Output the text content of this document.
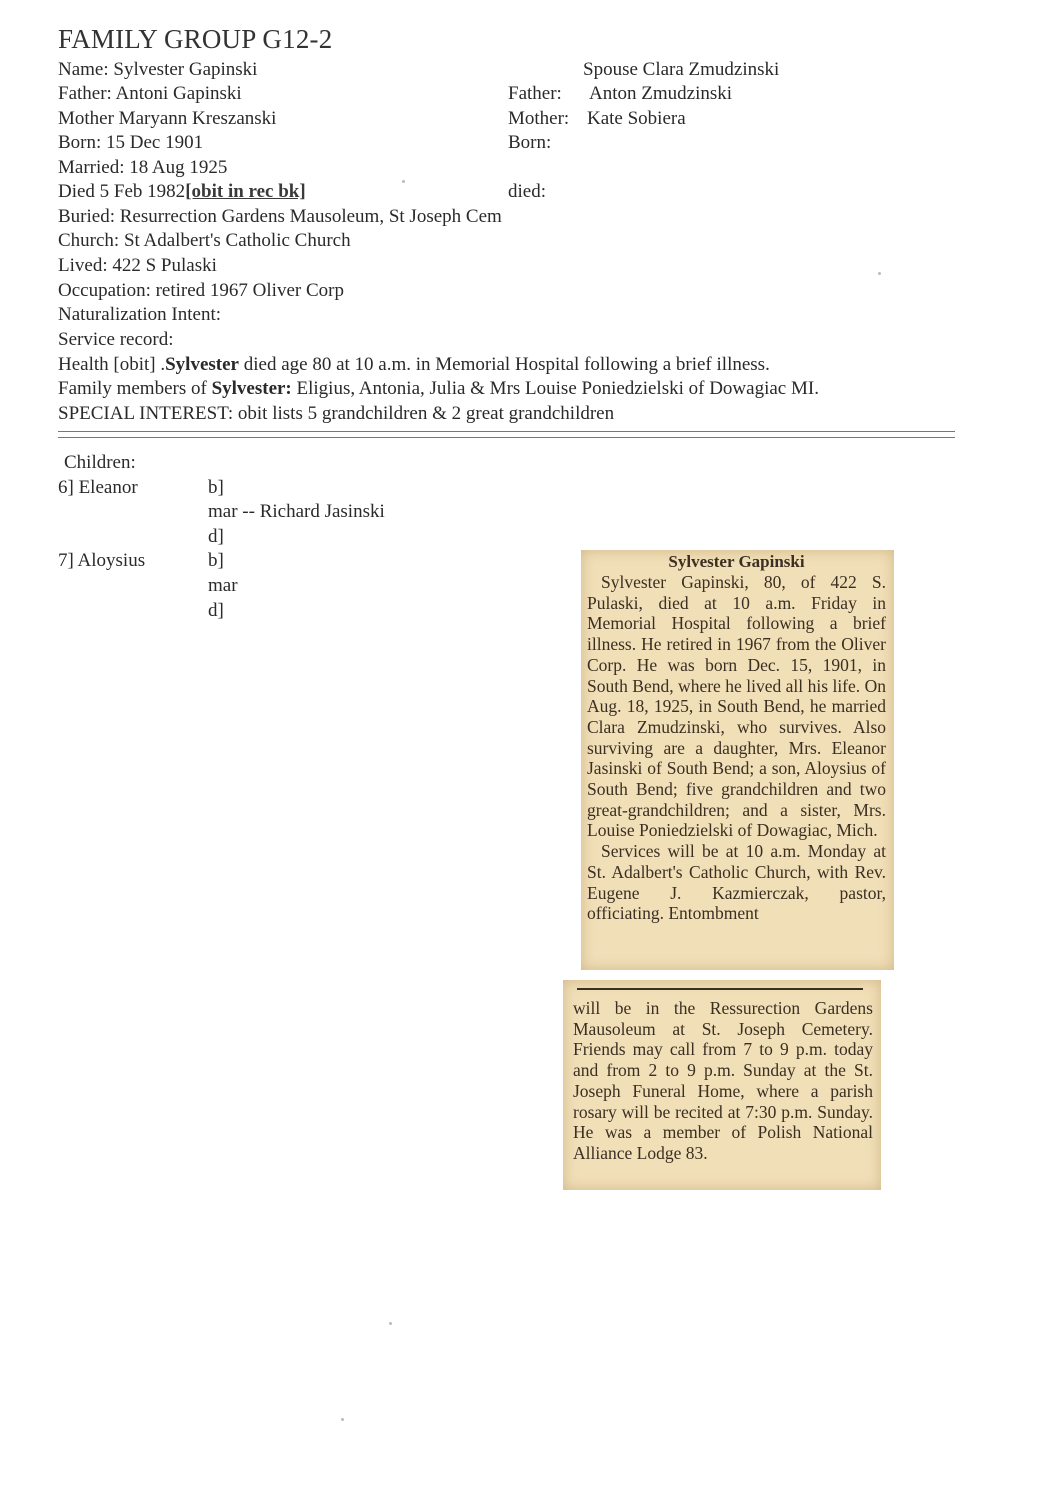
FAMILY GROUP G12-2
Name: Sylvester Gapinski
Father: Antoni Gapinski
Mother Maryann Kreszanski
Born: 15 Dec 1901
Married: 18 Aug 1925
Died 5 Feb 1982[obit in rec bk]
Buried: Resurrection Gardens Mausoleum, St Joseph Cem
Church: St Adalbert's Catholic Church
Lived: 422 S Pulaski
Occupation: retired 1967 Oliver Corp
Naturalization Intent:
Service record:
Spouse Clara Zmudzinski
Father: Anton Zmudzinski
Mother: Kate Sobiera
Born:
died:
Health [obit] .Sylvester died age 80 at 10 a.m. in Memorial Hospital following a brief illness.
Family members of Sylvester: Eligius, Antonia, Julia & Mrs Louise Poniedzielski of Dowagiac MI.
SPECIAL INTEREST: obit lists 5 grandchildren & 2 great grandchildren
Children:
6] Eleanor	b]
mar -- Richard Jasinski
d]
7] Aloysius	b]
mar
d]
Sylvester Gapinski

Sylvester Gapinski, 80, of 422 S. Pulaski, died at 10 a.m. Friday in Memorial Hospital following a brief illness. He retired in 1967 from the Oliver Corp. He was born Dec. 15, 1901, in South Bend, where he lived all his life. On Aug. 18, 1925, in South Bend, he married Clara Zmudzinski, who survives. Also surviving are a daughter, Mrs. Eleanor Jasinski of South Bend; a son, Aloysius of South Bend; five grandchildren and two great-grandchildren; and a sister, Mrs. Louise Poniedzielski of Dowagiac, Mich.

Services will be at 10 a.m. Monday at St. Adalbert's Catholic Church, with Rev. Eugene J. Kazmierczak, pastor, officiating. Entombment

will be in the Ressurection Gardens Mausoleum at St. Joseph Cemetery. Friends may call from 7 to 9 p.m. today and from 2 to 9 p.m. Sunday at the St. Joseph Funeral Home, where a parish rosary will be recited at 7:30 p.m. Sunday. He was a member of Polish National Alliance Lodge 83.
